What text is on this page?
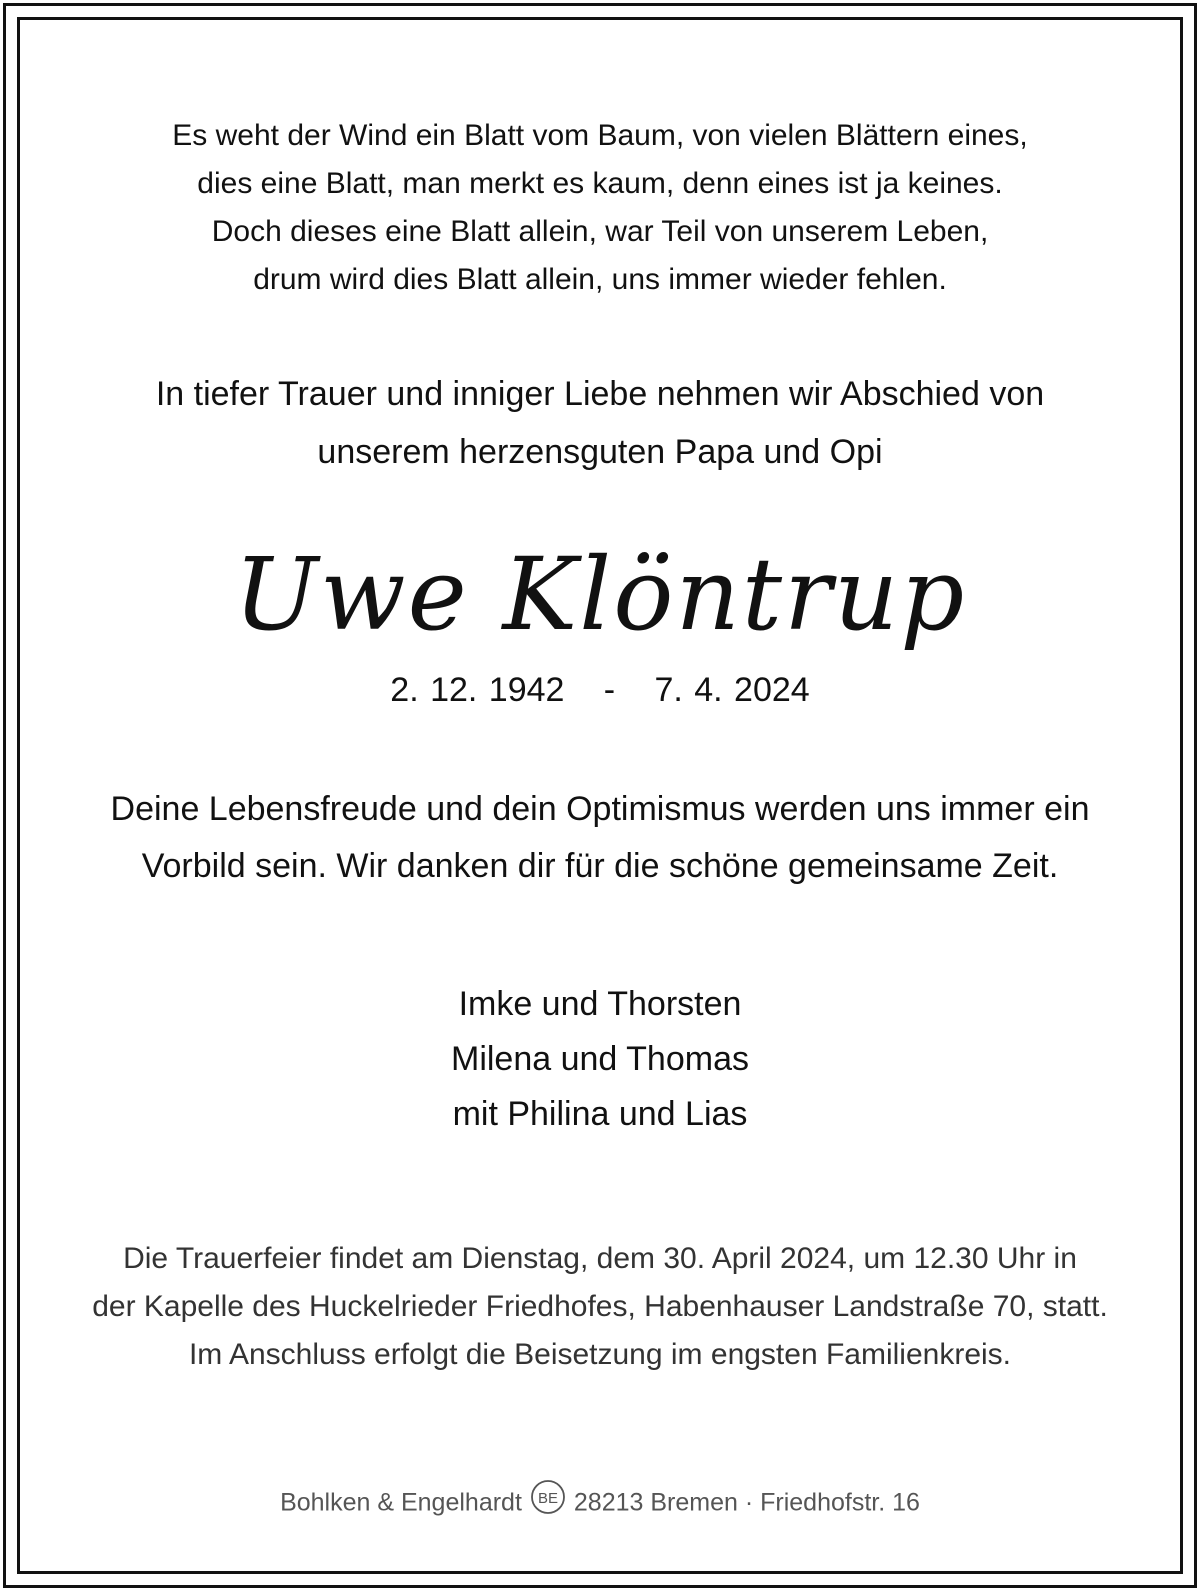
Es weht der Wind ein Blatt vom Baum, von vielen Blättern eines,
dies eine Blatt, man merkt es kaum, denn eines ist ja keines.
Doch dieses eine Blatt allein, war Teil von unserem Leben,
drum wird dies Blatt allein, uns immer wieder fehlen.
In tiefer Trauer und inniger Liebe nehmen wir Abschied von
unserem herzensguten Papa und Opi
Uwe Klöntrup
2. 12. 1942 - 7. 4. 2024
Deine Lebensfreude und dein Optimismus werden uns immer ein
Vorbild sein. Wir danken dir für die schöne gemeinsame Zeit.
Imke und Thorsten
Milena und Thomas
mit Philina und Lias
Die Trauerfeier findet am Dienstag, dem 30. April 2024, um 12.30 Uhr in
der Kapelle des Huckelrieder Friedhofes, Habenhauser Landstraße 70, statt.
Im Anschluss erfolgt die Beisetzung im engsten Familienkreis.
Bohlken & Engelhardt BE 28213 Bremen · Friedhofstr. 16
